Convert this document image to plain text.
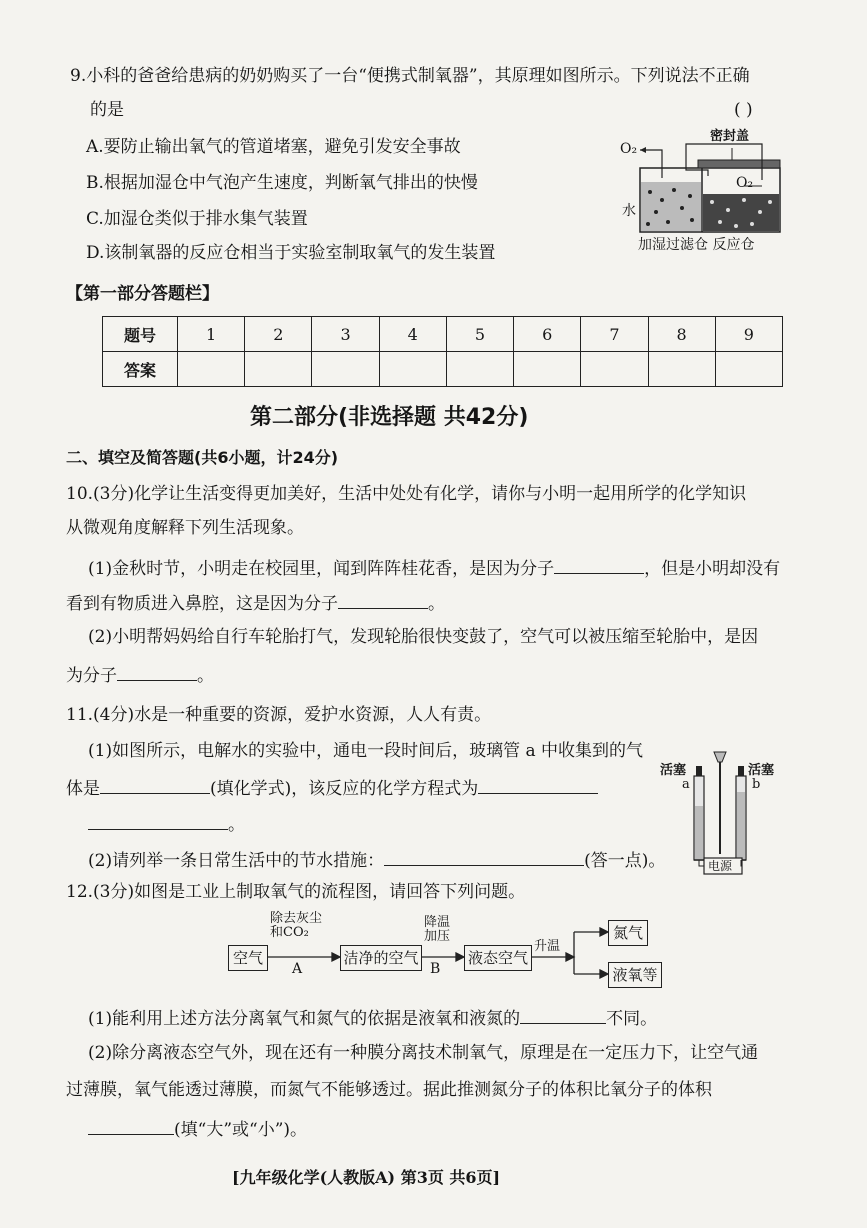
9.小科的爸爸给患病的奶奶购买了一台“便携式制氧器”，其原理如图所示。下列说法不正确
的是	( )
A.要防止输出氧气的管道堵塞，避免引发安全事故
B.根据加湿仓中气泡产生速度，判断氧气排出的快慢
C.加湿仓类似于排水集气装置
D.该制氧器的反应仓相当于实验室制取氧气的发生装置
O₂
O₂
密封盖
水
加湿过滤仓 反应仓
【第一部分答题栏】
题号	1	2	3	4	5	6	7	8	9
答案									
第二部分(非选择题 共42分)
二、填空及简答题(共6小题，计24分)
10.(3分)化学让生活变得更加美好，生活中处处有化学，请你与小明一起用所学的化学知识
从微观角度解释下列生活现象。
(1)金秋时节，小明走在校园里，闻到阵阵桂花香，是因为分子	，但是小明却没有
看到有物质进入鼻腔，这是因为分子	。
(2)小明帮妈妈给自行车轮胎打气，发现轮胎很快变鼓了，空气可以被压缩至轮胎中，是因
为分子	。
11.(4分)水是一种重要的资源，爱护水资源，人人有责。
(1)如图所示，电解水的实验中，通电一段时间后，玻璃管 a 中收集到的气
体是	(填化学式)，该反应的化学方程式为
。
(2)请列举一条日常生活中的节水措施：	(答一点)。
活塞	活塞
a	b
电源
12.(3分)如图是工业上制取氧气的流程图，请回答下列问题。
空气
除去灰尘
和CO₂
A
洁净的空气
降温
加压
B
液态空气
升温
氮气
液氧等
(1)能利用上述方法分离氧气和氮气的依据是液氧和液氮的	不同。
(2)除分离液态空气外，现在还有一种膜分离技术制氧气，原理是在一定压力下，让空气通
过薄膜，氧气能透过薄膜，而氮气不能够透过。据此推测氮分子的体积比氧分子的体积
(填“大”或“小”)。
[九年级化学(人教版A) 第3页 共6页]
